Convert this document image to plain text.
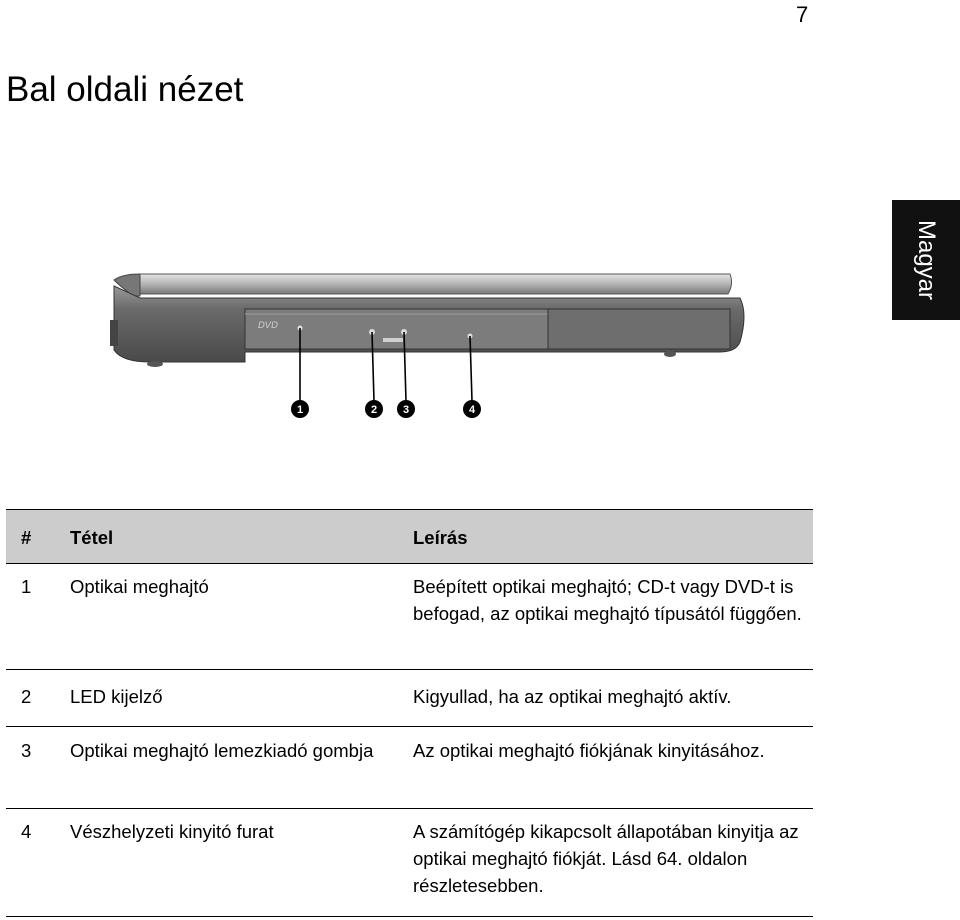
7
Bal oldali nézet
Magyar
DVD
1	2 3	4
# Tétel	Leírás
1 Optikai meghajtó	Beépített optikai meghajtó; CD-t vagy DVD-t is befogad, az optikai meghajtó típusától függően.
2 LED kijelző	Kigyullad, ha az optikai meghajtó aktív.
3 Optikai meghajtó lemezkiadó gombja	Az optikai meghajtó fiókjának kinyitásához.
4 Vészhelyzeti kinyitó furat	A számítógép kikapcsolt állapotában kinyitja az optikai meghajtó fiókját. Lásd 64. oldalon részletesebben.
